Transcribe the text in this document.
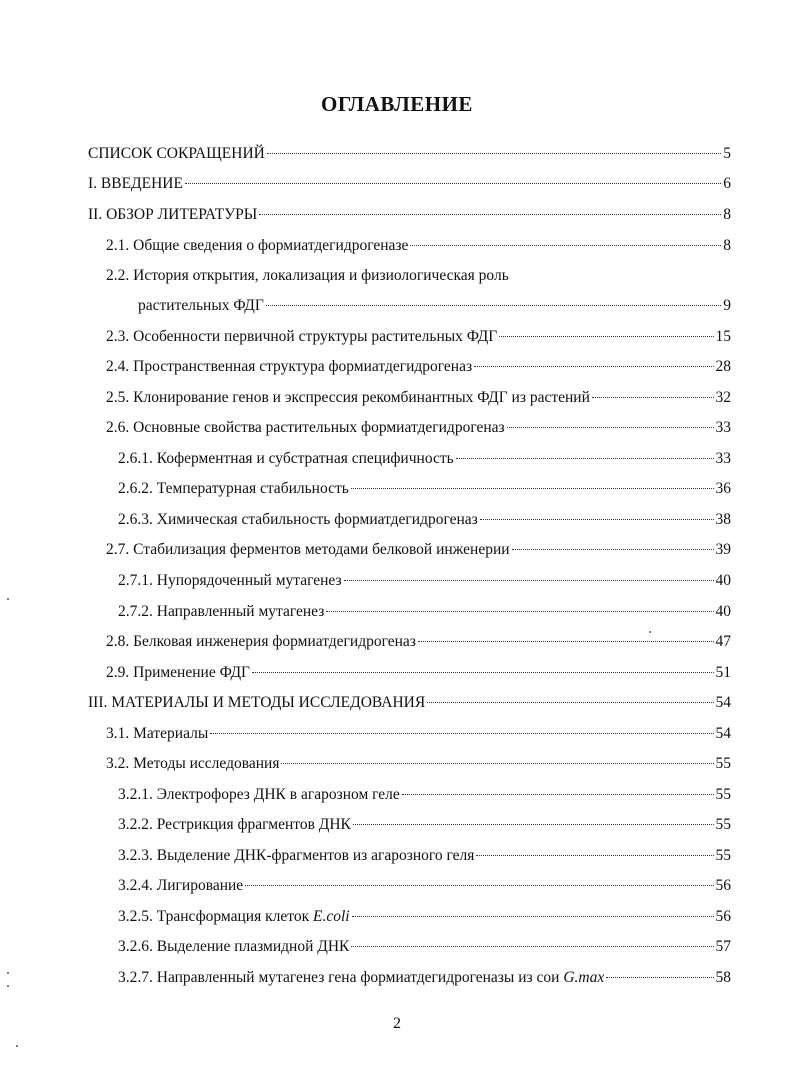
ОГЛАВЛЕНИЕ
СПИСОК СОКРАЩЕНИЙ	5
I. ВВЕДЕНИЕ	6
II. ОБЗОР ЛИТЕРАТУРЫ	8
2.1. Общие сведения о формиатдегидрогеназе	8
2.2. История открытия, локализация и физиологическая роль
растительных ФДГ	9
2.3. Особенности первичной структуры растительных ФДГ	15
2.4. Пространственная структура формиатдегидрогеназ	28
2.5. Клонирование генов и экспрессия рекомбинантных ФДГ из растений	32
2.6. Основные свойства растительных формиатдегидрогеназ	33
2.6.1. Коферментная и субстратная специфичность	33
2.6.2. Температурная стабильность	36
2.6.3. Химическая стабильность формиатдегидрогеназ	38
2.7. Стабилизация ферментов методами белковой инженерии	39
2.7.1. Нупорядоченный мутагенез	40
2.7.2. Направленный мутагенез	40
2.8. Белковая инженерия формиатдегидрогеназ	47
2.9. Применение ФДГ	51
III. МАТЕРИАЛЫ И МЕТОДЫ ИССЛЕДОВАНИЯ	54
3.1. Материалы	54
3.2. Методы исследования	55
3.2.1. Электрофорез ДНК в агарозном геле	55
3.2.2. Рестрикция фрагментов ДНК	55
3.2.3. Выделение ДНК-фрагментов из агарозного геля	55
3.2.4. Лигирование	56
3.2.5. Трансформация клеток E.coli	56
3.2.6. Выделение плазмидной ДНК	57
3.2.7. Направленный мутагенез гена формиатдегидрогеназы из сои G.max	58
2
